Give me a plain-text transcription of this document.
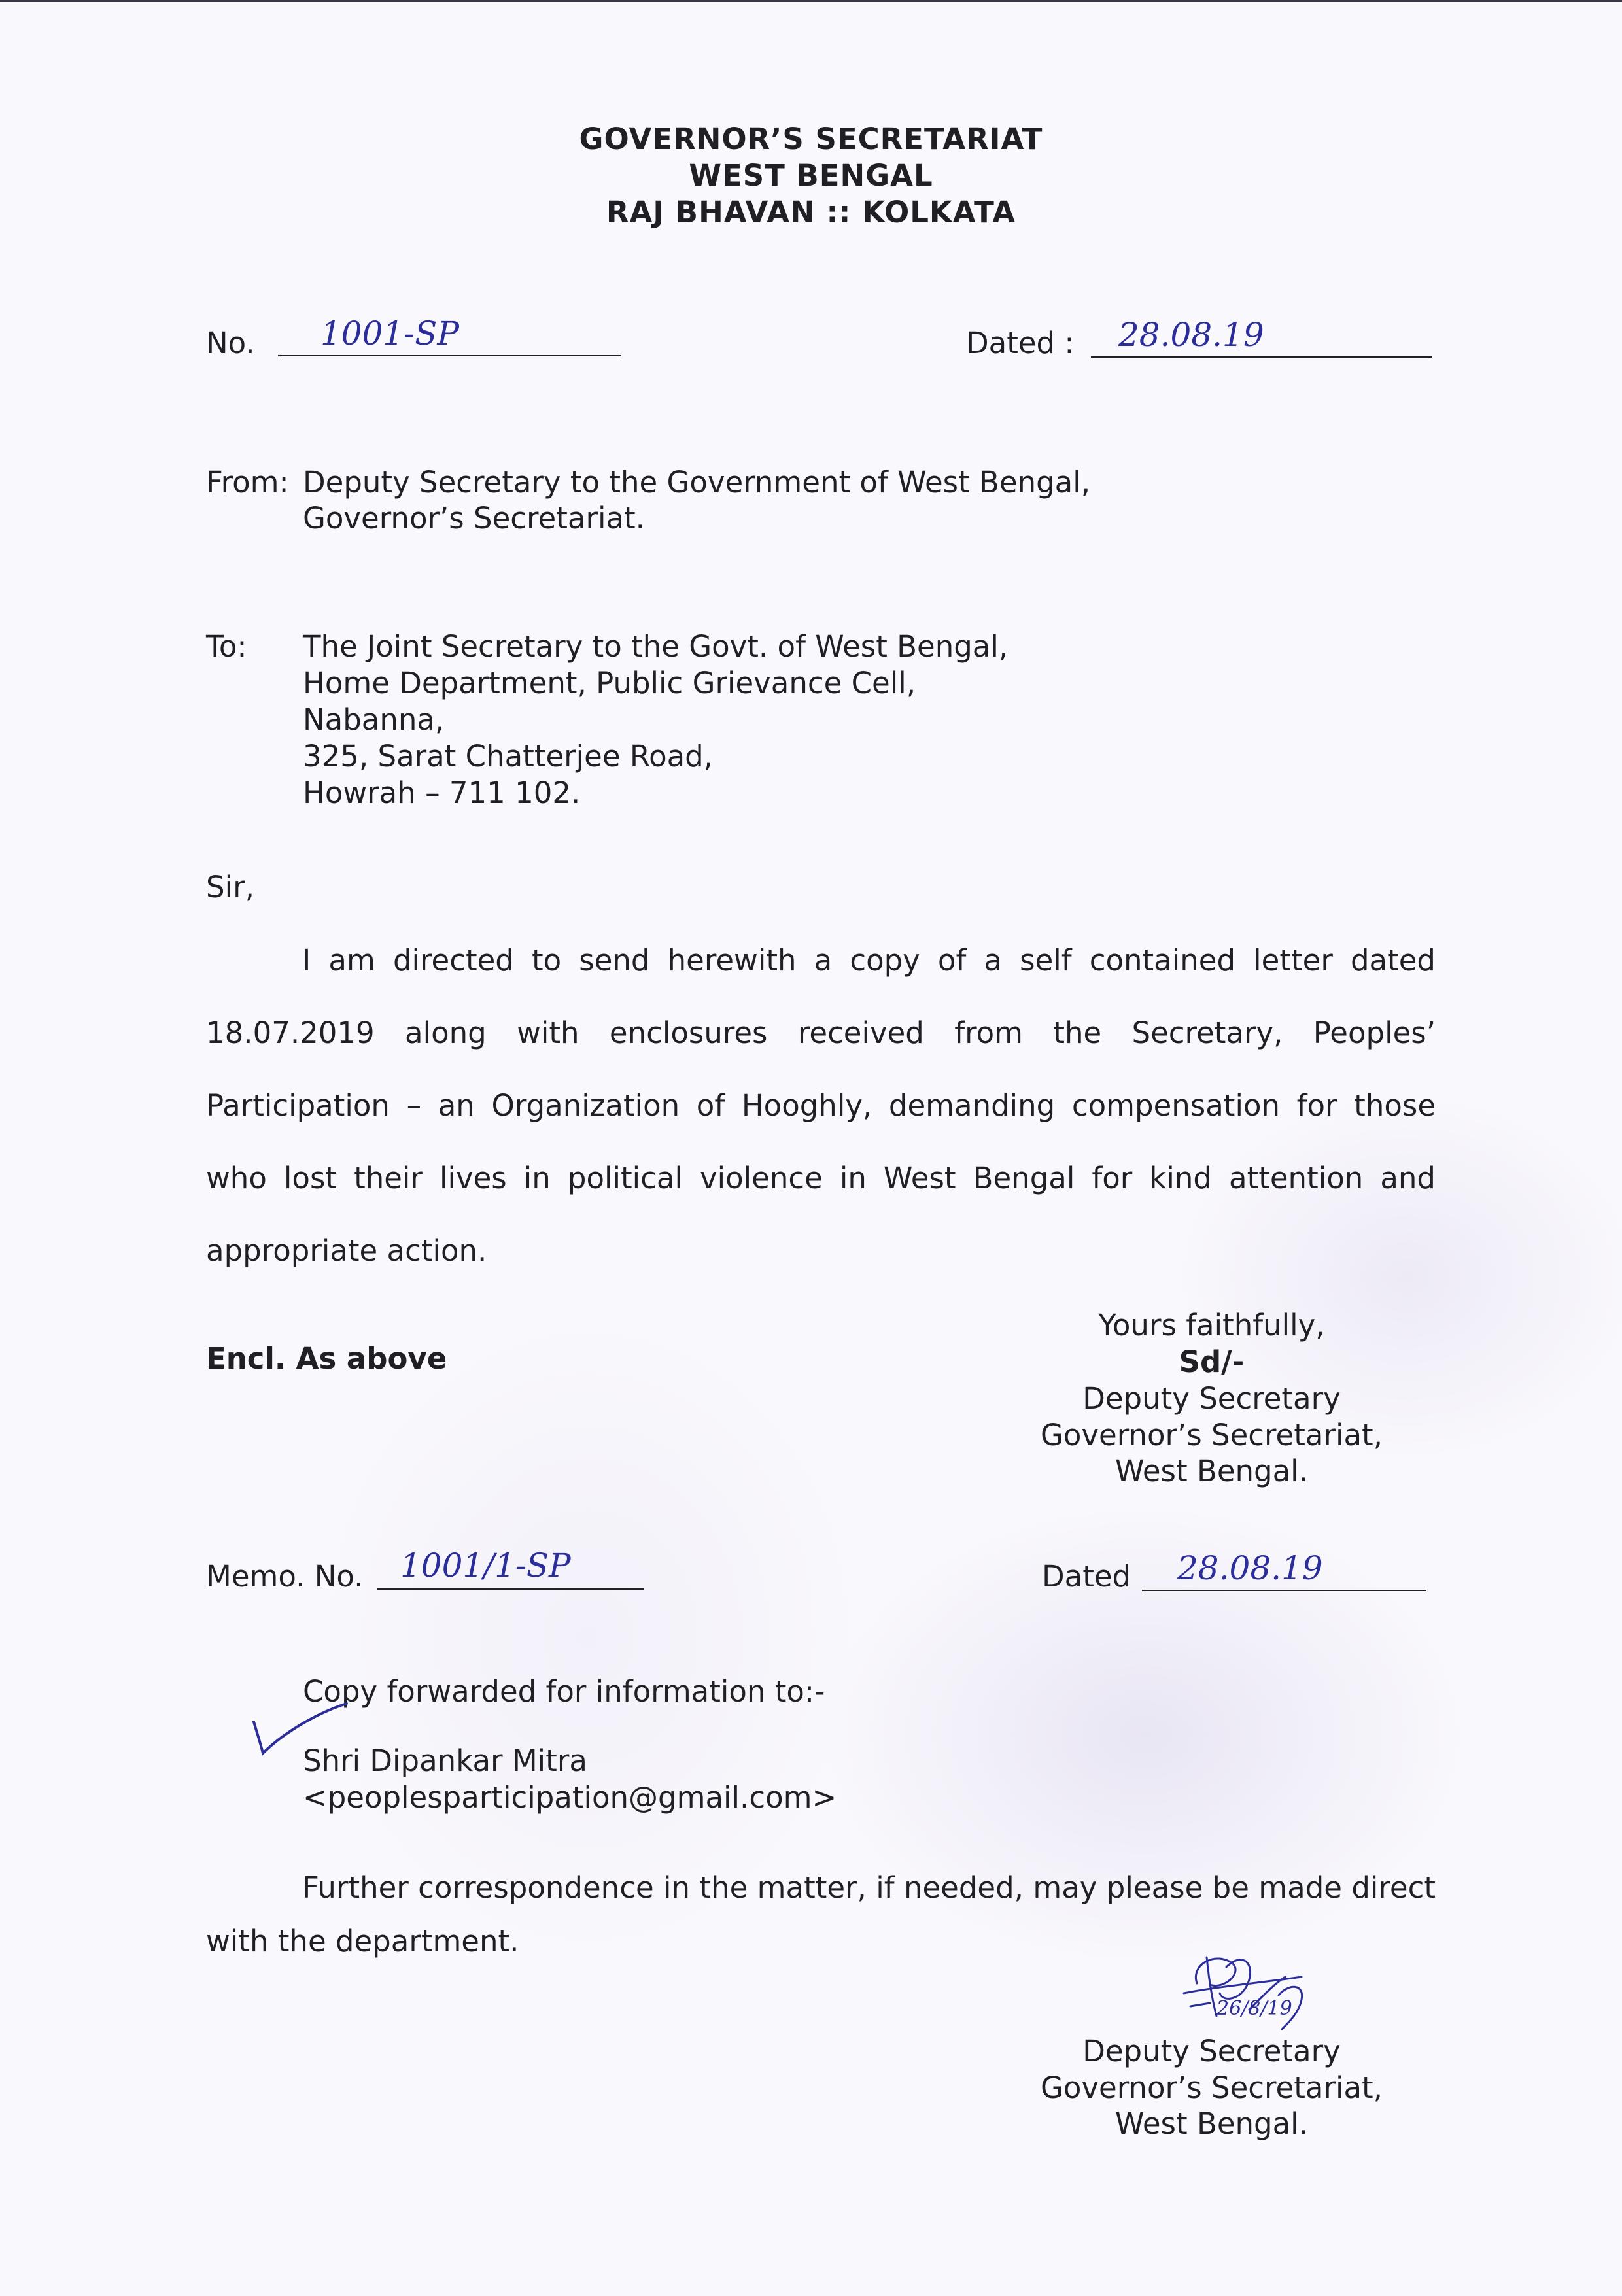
GOVERNOR’S SECRETARIAT
WEST BENGAL
RAJ BHAVAN :: KOLKATA
No. 1001-SP	Dated : 28.08.19
From: Deputy Secretary to the Government of West Bengal,
Governor’s Secretariat.
To: The Joint Secretary to the Govt. of West Bengal,
Home Department, Public Grievance Cell,
Nabanna,
325, Sarat Chatterjee Road,
Howrah – 711 102.
Sir,
I am directed to send herewith a copy of a self contained letter dated 18.07.2019 along with enclosures received from the Secretary, Peoples’ Participation – an Organization of Hooghly, demanding compensation for those who lost their lives in political violence in West Bengal for kind attention and appropriate action.
Encl. As above
Yours faithfully,
Sd/-
Deputy Secretary
Governor’s Secretariat,
West Bengal.
Memo. No. 1001/1-SP	Dated 28.08.19
Copy forwarded for information to:-
Shri Dipankar Mitra
<peoplesparticipation@gmail.com>
Further correspondence in the matter, if needed, may please be made direct with the department.
26/8/19
Deputy Secretary
Governor’s Secretariat,
West Bengal.
